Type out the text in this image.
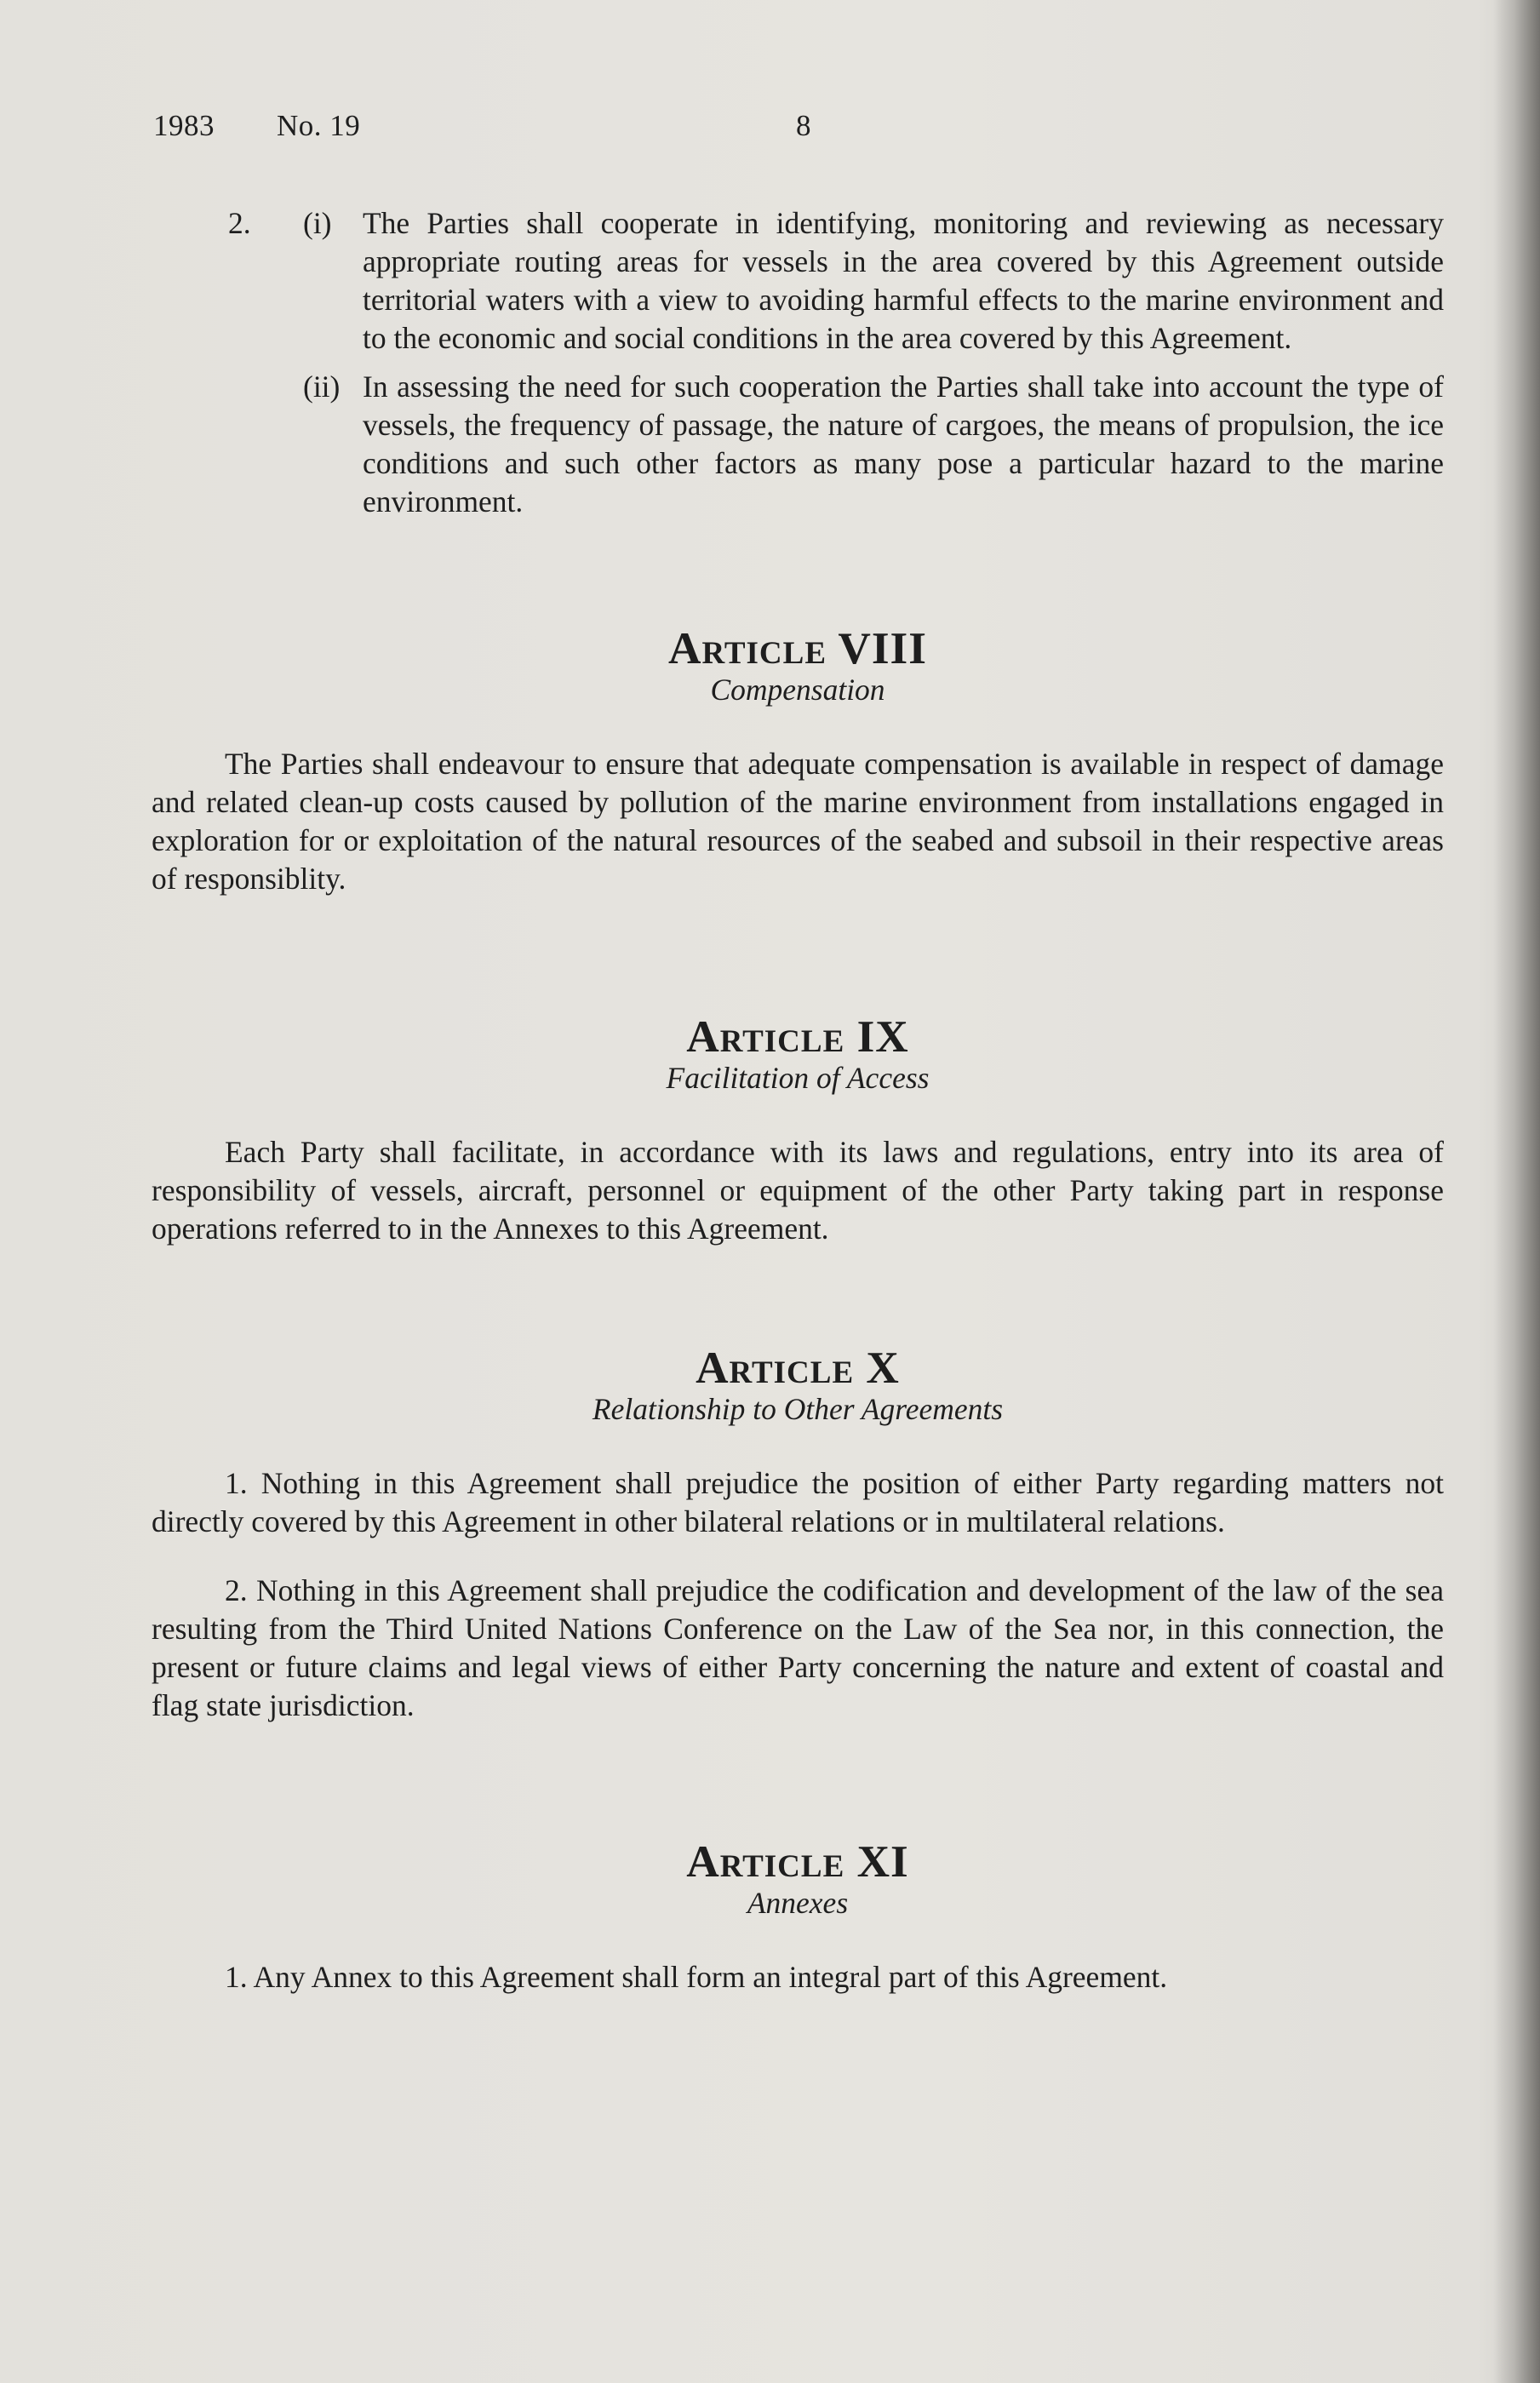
1983 No. 19	8
2. (i) The Parties shall cooperate in identifying, monitoring and reviewing as necessary appropriate routing areas for vessels in the area covered by this Agreement outside territorial waters with a view to avoiding harmful effects to the marine environment and to the economic and social conditions in the area covered by this Agreement.
(ii) In assessing the need for such cooperation the Parties shall take into account the type of vessels, the frequency of passage, the nature of cargoes, the means of propulsion, the ice conditions and such other factors as many pose a particular hazard to the marine environment.
Article VIII

Compensation

The Parties shall endeavour to ensure that adequate compensation is available in respect of damage and related clean-up costs caused by pollution of the marine environment from installations engaged in exploration for or exploitation of the natural resources of the seabed and subsoil in their respective areas of responsiblity.

Article IX

Facilitation of Access

Each Party shall facilitate, in accordance with its laws and regulations, entry into its area of responsibility of vessels, aircraft, personnel or equipment of the other Party taking part in response operations referred to in the Annexes to this Agreement.

Article X

Relationship to Other Agreements

1. Nothing in this Agreement shall prejudice the position of either Party regarding matters not directly covered by this Agreement in other bilateral relations or in multilateral relations.

2. Nothing in this Agreement shall prejudice the codification and development of the law of the sea resulting from the Third United Nations Conference on the Law of the Sea nor, in this connection, the present or future claims and legal views of either Party concerning the nature and extent of coastal and flag state jurisdiction.

Article XI

Annexes

1. Any Annex to this Agreement shall form an integral part of this Agreement.
